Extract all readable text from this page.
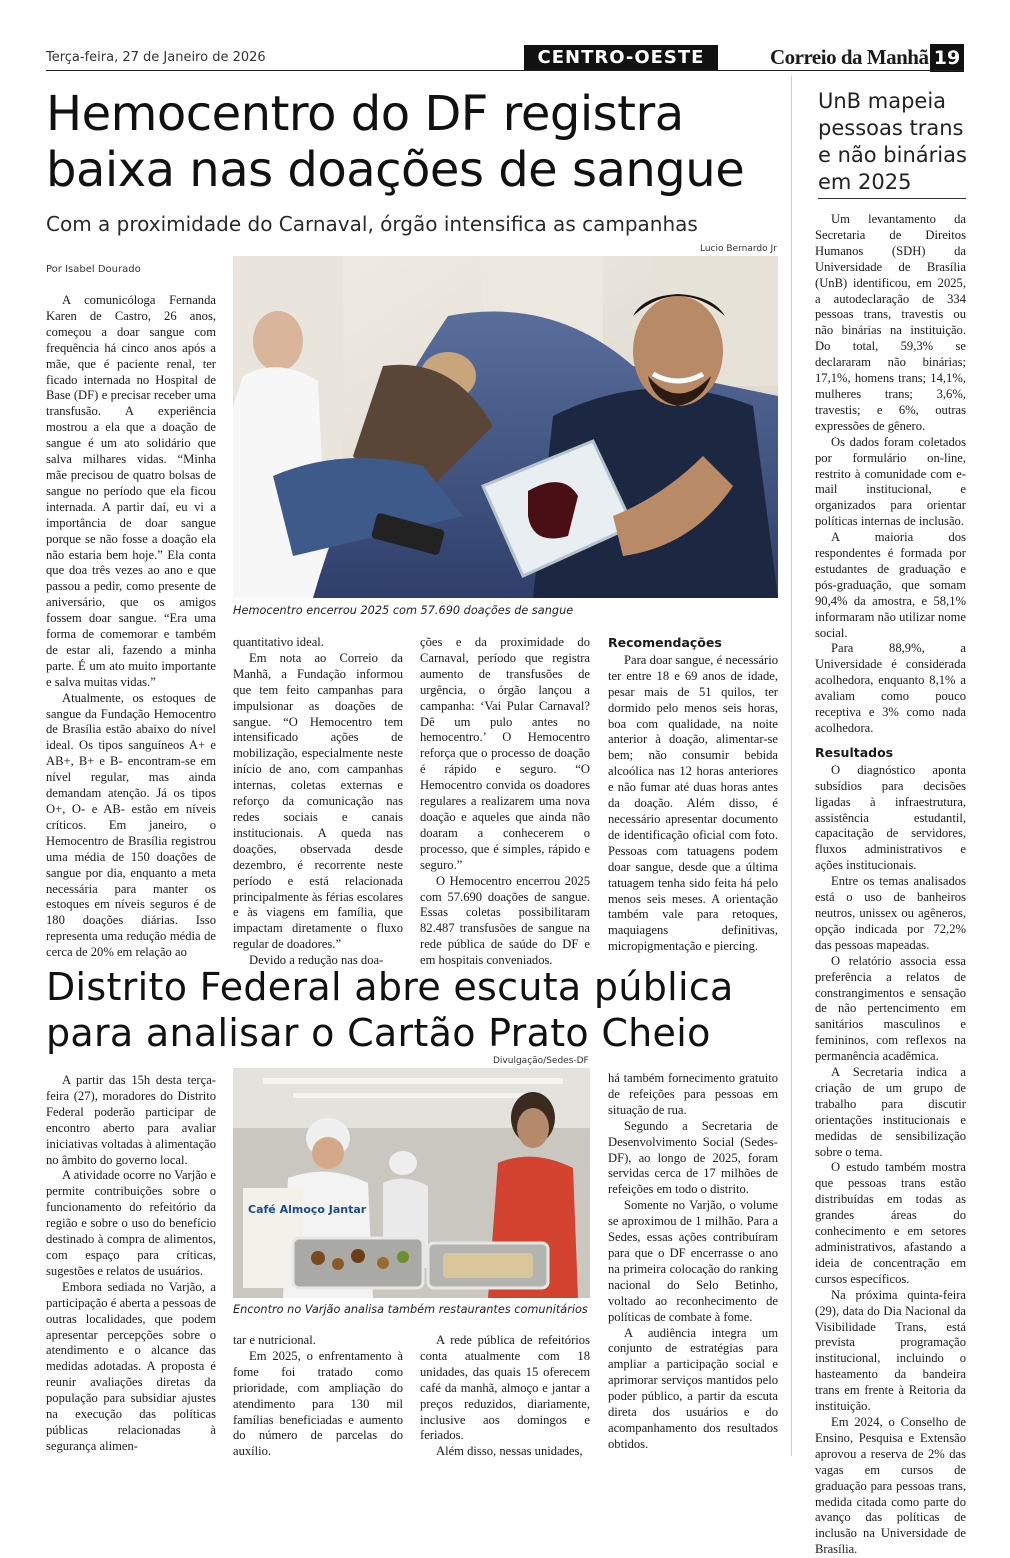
Terça-feira, 27 de Janeiro de 2026	CENTRO-OESTE	Correio da Manhã 19
Hemocentro do DF registra baixa nas doações de sangue
Com a proximidade do Carnaval, órgão intensifica as campanhas
Por Isabel Dourado
Lucio Bernardo Jr
Hemocentro encerrou 2025 com 57.690 doações de sangue

A comunicóloga Fernanda Karen de Castro, 26 anos, começou a doar sangue com frequência há cinco anos após a mãe, que é paciente renal, ter ficado internada no Hospital de Base (DF) e precisar receber uma transfusão. A experiência mostrou a ela que a doação de sangue é um ato solidário que salva milhares vidas. “Minha mãe precisou de quatro bolsas de sangue no período que ela ficou internada. A partir daí, eu vi a importância de doar sangue porque se não fosse a doação ela não estaria bem hoje.” Ela conta que doa três vezes ao ano e que passou a pedir, como presente de aniversário, que os amigos fossem doar sangue. “Era uma forma de comemorar e também de estar ali, fazendo a minha parte. É um ato muito importante e salva muitas vidas.”

Atualmente, os estoques de sangue da Fundação Hemocentro de Brasília estão abaixo do nível ideal. Os tipos sanguíneos A+ e AB+, B+ e B- encontram-se em nível regular, mas ainda demandam atenção. Já os tipos O+, O- e AB- estão em níveis críticos. Em janeiro, o Hemocentro de Brasília registrou uma média de 150 doações de sangue por dia, enquanto a meta necessária para manter os estoques em níveis seguros é de 180 doações diárias. Isso representa uma redução média de cerca de 20% em relação ao

quantitativo ideal.

Em nota ao Correio da Manhã, a Fundação informou que tem feito campanhas para impulsionar as doações de sangue. “O Hemocentro tem intensificado ações de mobilização, especialmente neste início de ano, com campanhas internas, coletas externas e reforço da comunicação nas redes sociais e canais institucionais. A queda nas doações, observada desde dezembro, é recorrente neste período e está relacionada principalmente às férias escolares e às viagens em família, que impactam diretamente o fluxo regular de doadores.”

Devido a redução nas doa-

ções e da proximidade do Carnaval, período que registra aumento de transfusões de urgência, o órgão lançou a campanha: ‘Vai Pular Carnaval? Dê um pulo antes no hemocentro.’ O Hemocentro reforça que o processo de doação é rápido e seguro. “O Hemocentro convida os doadores regulares a realizarem uma nova doação e aqueles que ainda não doaram a conhecerem o processo, que é simples, rápido e seguro.”

O Hemocentro encerrou 2025 com 57.690 doações de sangue. Essas coletas possibilitaram 82.487 transfusões de sangue na rede pública de saúde do DF e em hospitais conveniados.

Recomendações

Para doar sangue, é necessário ter entre 18 e 69 anos de idade, pesar mais de 51 quilos, ter dormido pelo menos seis horas, boa com qualidade, na noite anterior à doação, alimentar-se bem; não consumir bebida alcoólica nas 12 horas anteriores e não fumar até duas horas antes da doação. Além disso, é necessário apresentar documento de identificação oficial com foto. Pessoas com tatuagens podem doar sangue, desde que a última tatuagem tenha sido feita há pelo menos seis meses. A orientação também vale para retoques, maquiagens definitivas, micropigmentação e piercing.

Distrito Federal abre escuta pública para analisar o Cartão Prato Cheio
Divulgação/Sedes-DF
Café Almoço Jantar
Encontro no Varjão analisa também restaurantes comunitários

A partir das 15h desta terça-feira (27), moradores do Distrito Federal poderão participar de encontro aberto para avaliar iniciativas voltadas à alimentação no âmbito do governo local.

A atividade ocorre no Varjão e permite contribuições sobre o funcionamento do refeitório da região e sobre o uso do benefício destinado à compra de alimentos, com espaço para críticas, sugestões e relatos de usuários.

Embora sediada no Varjão, a participação é aberta a pessoas de outras localidades, que podem apresentar percepções sobre o atendimento e o alcance das medidas adotadas. A proposta é reunir avaliações diretas da população para subsidiar ajustes na execução das políticas públicas relacionadas à segurança alimen-

tar e nutricional.

Em 2025, o enfrentamento à fome foi tratado como prioridade, com ampliação do atendimento para 130 mil famílias beneficiadas e aumento do número de parcelas do auxílio.

A rede pública de refeitórios conta atualmente com 18 unidades, das quais 15 oferecem café da manhã, almoço e jantar a preços reduzidos, diariamente, inclusive aos domingos e feriados.

Além disso, nessas unidades,

há também fornecimento gratuito de refeições para pessoas em situação de rua.

Segundo a Secretaria de Desenvolvimento Social (Sedes-DF), ao longo de 2025, foram servidas cerca de 17 milhões de refeições em todo o distrito.

Somente no Varjão, o volume se aproximou de 1 milhão. Para a Sedes, essas ações contribuíram para que o DF encerrasse o ano na primeira colocação do ranking nacional do Selo Betinho, voltado ao reconhecimento de políticas de combate à fome.

A audiência integra um conjunto de estratégias para ampliar a participação social e aprimorar serviços mantidos pelo poder público, a partir da escuta direta dos usuários e do acompanhamento dos resultados obtidos.

UnB mapeia pessoas trans e não binárias em 2025

Um levantamento da Secretaria de Direitos Humanos (SDH) da Universidade de Brasília (UnB) identificou, em 2025, a autodeclaração de 334 pessoas trans, travestis ou não binárias na instituição. Do total, 59,3% se declararam não binárias; 17,1%, homens trans; 14,1%, mulheres trans; 3,6%, travestis; e 6%, outras expressões de gênero.

Os dados foram coletados por formulário on-line, restrito à comunidade com e-mail institucional, e organizados para orientar políticas internas de inclusão.

A maioria dos respondentes é formada por estudantes de graduação e pós-graduação, que somam 90,4% da amostra, e 58,1% informaram não utilizar nome social.

Para 88,9%, a Universidade é considerada acolhedora, enquanto 8,1% a avaliam como pouco receptiva e 3% como nada acolhedora.

Resultados

O diagnóstico aponta subsídios para decisões ligadas à infraestrutura, assistência estudantil, capacitação de servidores, fluxos administrativos e ações institucionais.

Entre os temas analisados está o uso de banheiros neutros, unissex ou agêneros, opção indicada por 72,2% das pessoas mapeadas.

O relatório associa essa preferência a relatos de constrangimentos e sensação de não pertencimento em sanitários masculinos e femininos, com reflexos na permanência acadêmica.

A Secretaria indica a criação de um grupo de trabalho para discutir orientações institucionais e medidas de sensibilização sobre o tema.

O estudo também mostra que pessoas trans estão distribuídas em todas as grandes áreas do conhecimento e em setores administrativos, afastando a ideia de concentração em cursos específicos.

Na próxima quinta-feira (29), data do Dia Nacional da Visibilidade Trans, está prevista programação institucional, incluindo o hasteamento da bandeira trans em frente à Reitoria da instituição.

Em 2024, o Conselho de Ensino, Pesquisa e Extensão aprovou a reserva de 2% das vagas em cursos de graduação para pessoas trans, medida citada como parte do avanço das políticas de inclusão na Universidade de Brasília.
